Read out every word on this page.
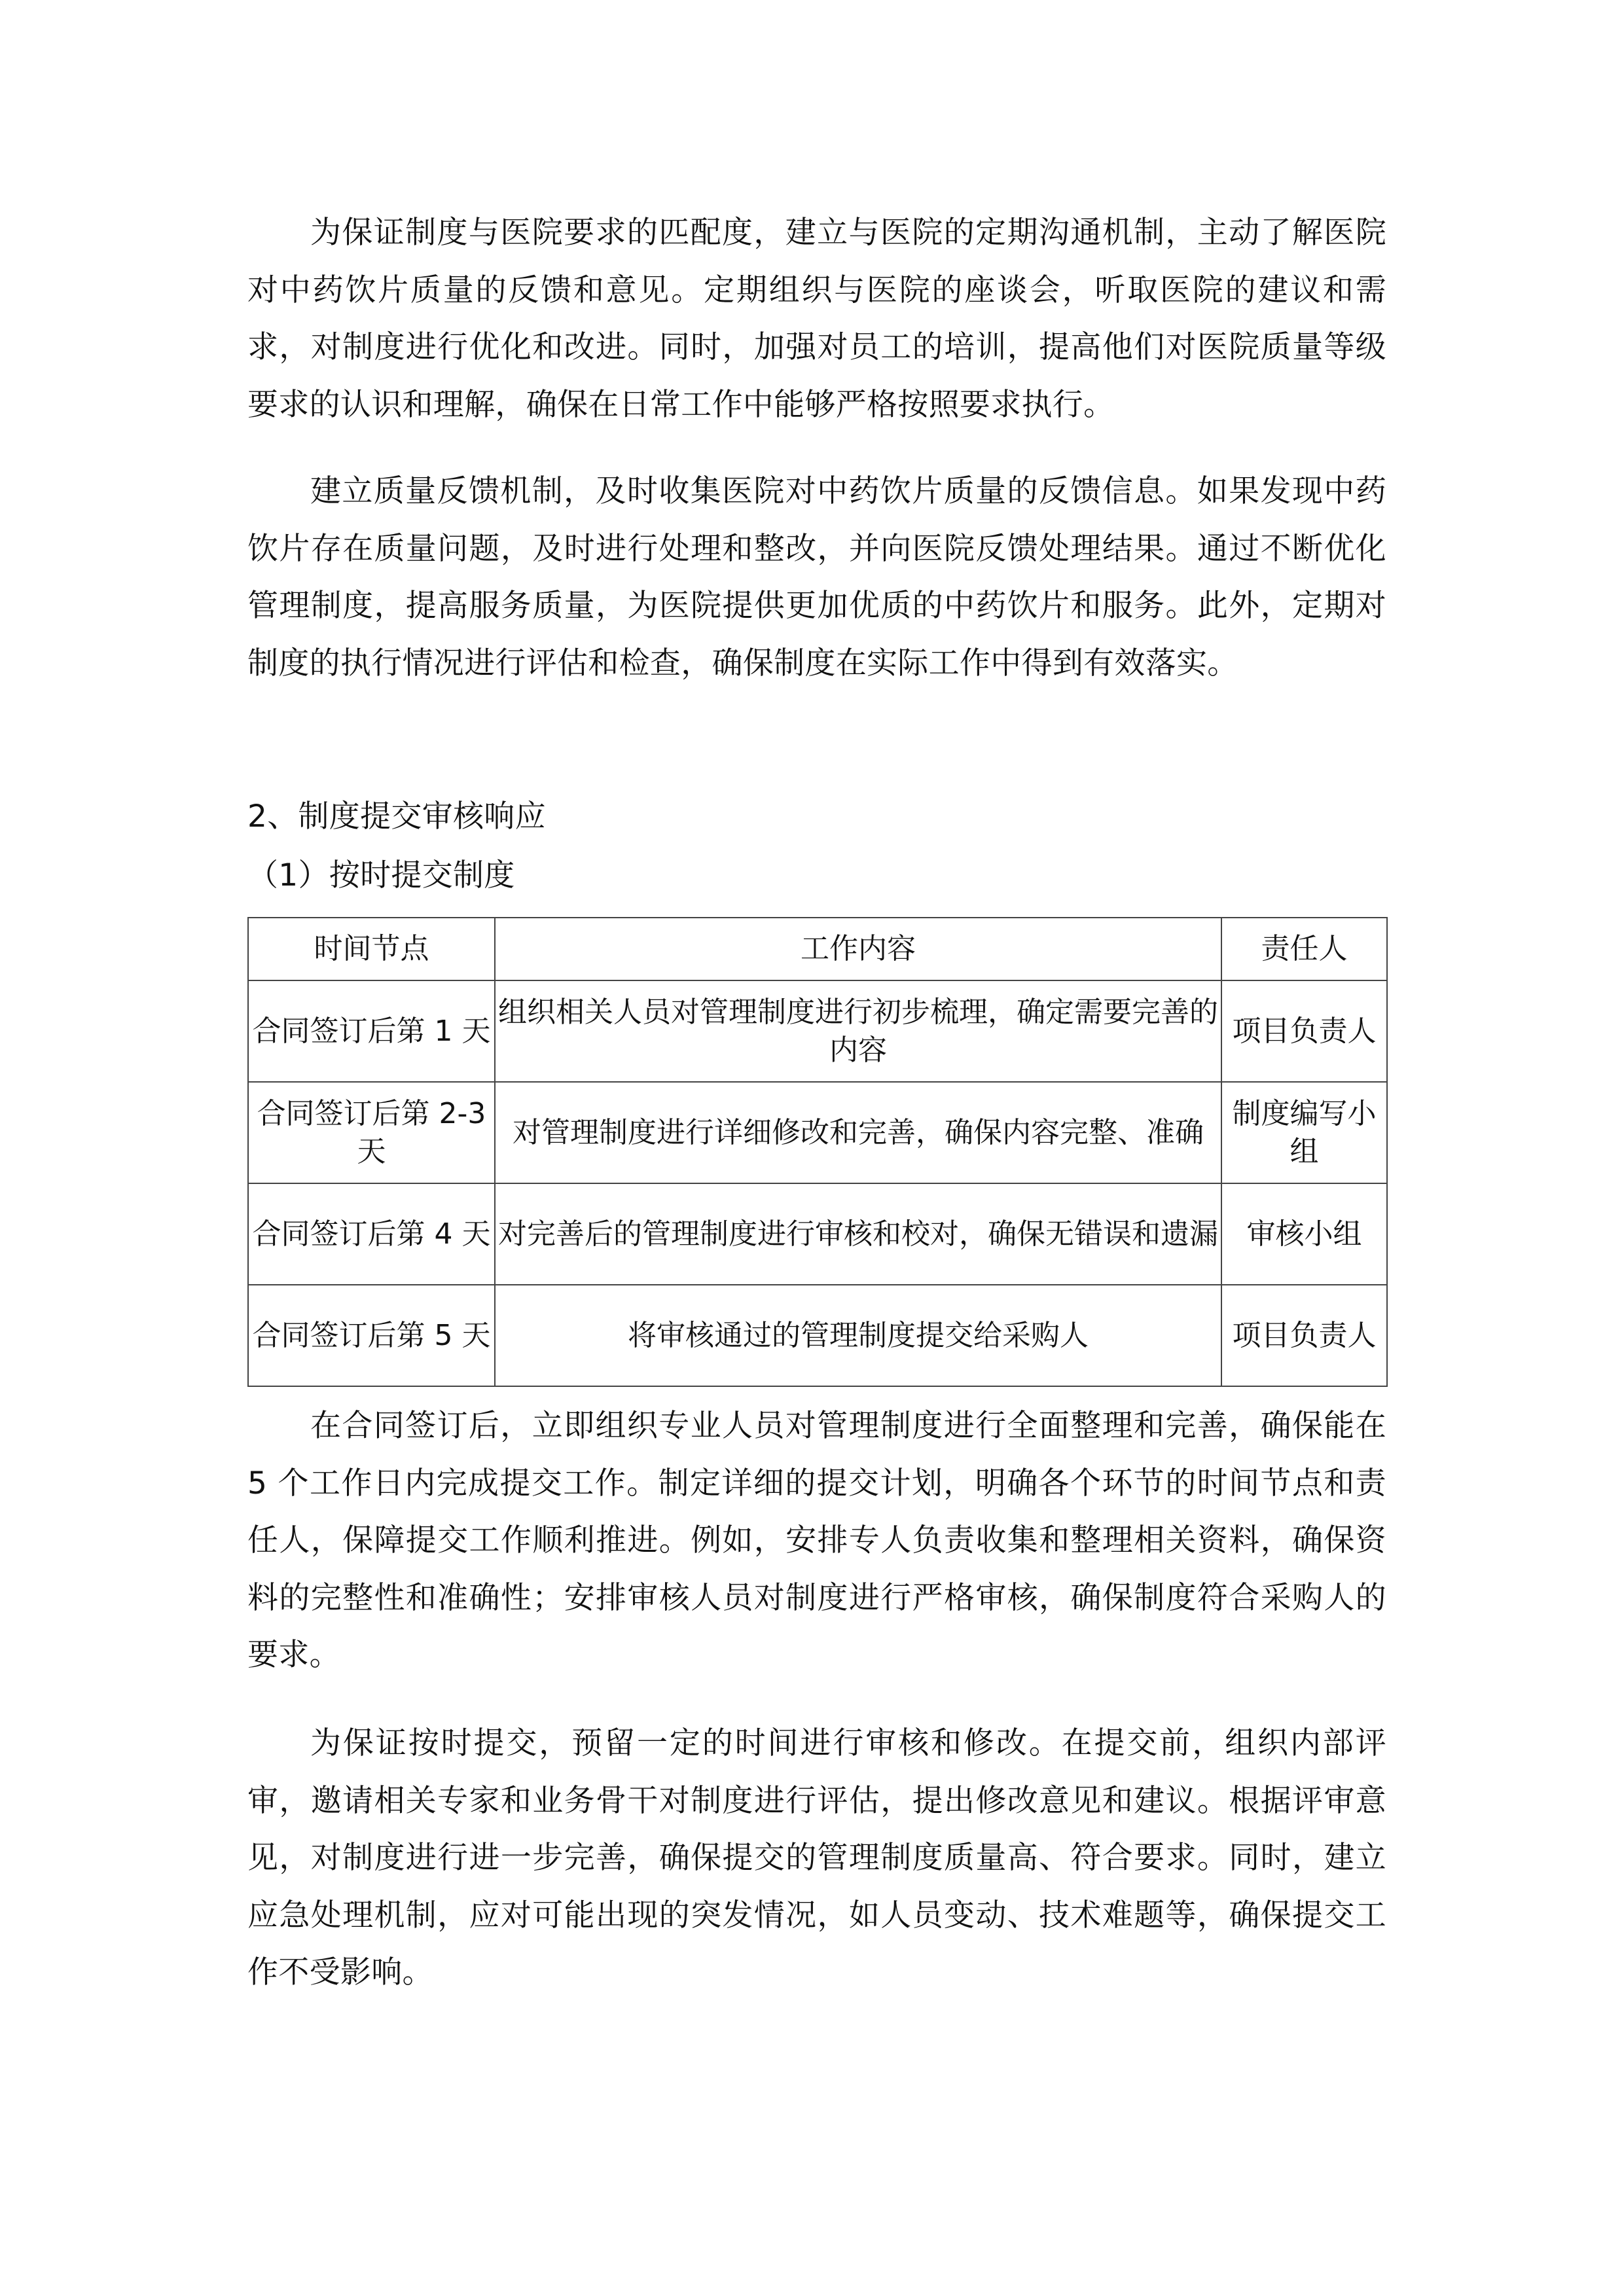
为保证制度与医院要求的匹配度，建立与医院的定期沟通机制，主动了解医院对中药饮片质量的反馈和意见。定期组织与医院的座谈会，听取医院的建议和需求，对制度进行优化和改进。同时，加强对员工的培训，提高他们对医院质量等级要求的认识和理解，确保在日常工作中能够严格按照要求执行。

建立质量反馈机制，及时收集医院对中药饮片质量的反馈信息。如果发现中药饮片存在质量问题，及时进行处理和整改，并向医院反馈处理结果。通过不断优化管理制度，提高服务质量，为医院提供更加优质的中药饮片和服务。此外，定期对制度的执行情况进行评估和检查，确保制度在实际工作中得到有效落实。

2、制度提交审核响应

（1）按时提交制度

时间节点	工作内容	责任人
合同签订后第 1 天	组织相关人员对管理制度进行初步梳理，确定需要完善的内容	项目负责人
合同签订后第 2-3 天	对管理制度进行详细修改和完善，确保内容完整、准确	制度编写小组
合同签订后第 4 天	对完善后的管理制度进行审核和校对，确保无错误和遗漏	审核小组
合同签订后第 5 天	将审核通过的管理制度提交给采购人	项目负责人

在合同签订后，立即组织专业人员对管理制度进行全面整理和完善，确保能在 5 个工作日内完成提交工作。制定详细的提交计划，明确各个环节的时间节点和责任人，保障提交工作顺利推进。例如，安排专人负责收集和整理相关资料，确保资料的完整性和准确性；安排审核人员对制度进行严格审核，确保制度符合采购人的要求。

为保证按时提交，预留一定的时间进行审核和修改。在提交前，组织内部评审，邀请相关专家和业务骨干对制度进行评估，提出修改意见和建议。根据评审意见，对制度进行进一步完善，确保提交的管理制度质量高、符合要求。同时，建立应急处理机制，应对可能出现的突发情况，如人员变动、技术难题等，确保提交工作不受影响。
